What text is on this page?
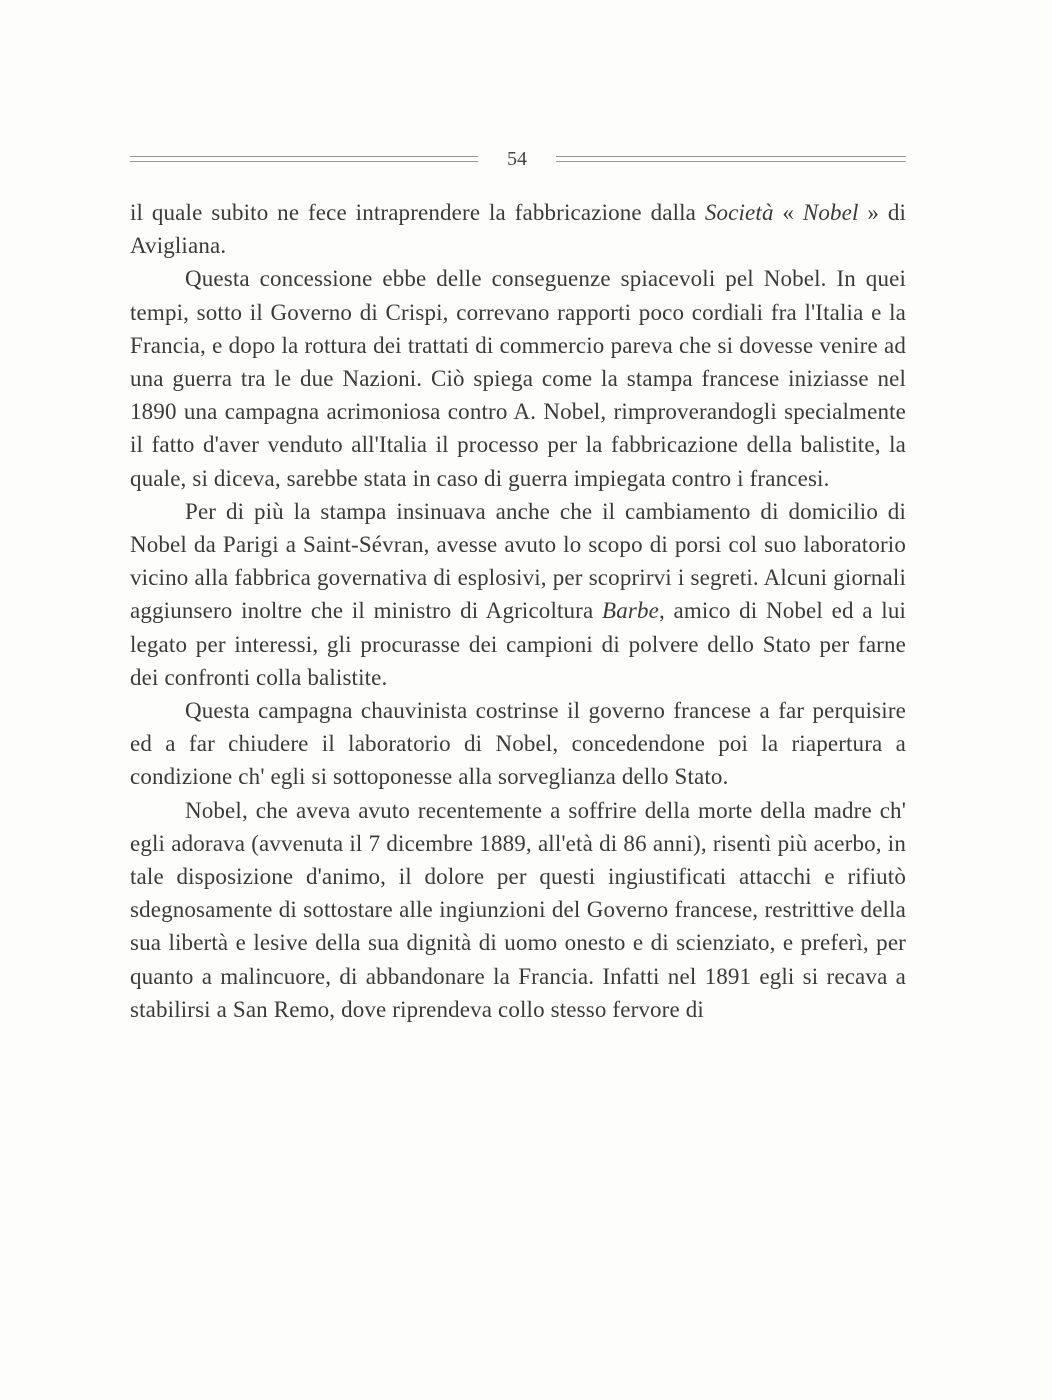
54

il quale subito ne fece intraprendere la fabbricazione dalla Società « Nobel » di Avigliana.

Questa concessione ebbe delle conseguenze spiacevoli pel Nobel. In quei tempi, sotto il Governo di Crispi, correvano rapporti poco cordiali fra l'Italia e la Francia, e dopo la rottura dei trattati di commercio pareva che si dovesse venire ad una guerra tra le due Nazioni. Ciò spiega come la stampa francese iniziasse nel 1890 una campagna acrimoniosa contro A. Nobel, rimproverandogli specialmente il fatto d'aver venduto all'Italia il processo per la fabbricazione della balistite, la quale, si diceva, sarebbe stata in caso di guerra impiegata contro i francesi.

Per di più la stampa insinuava anche che il cambiamento di domicilio di Nobel da Parigi a Saint-Sévran, avesse avuto lo scopo di porsi col suo laboratorio vicino alla fabbrica governativa di esplosivi, per scoprirvi i segreti. Alcuni giornali aggiunsero inoltre che il ministro di Agricoltura Barbe, amico di Nobel ed a lui legato per interessi, gli procurasse dei campioni di polvere dello Stato per farne dei confronti colla balistite.

Questa campagna chauvinista costrinse il governo francese a far perquisire ed a far chiudere il laboratorio di Nobel, concedendone poi la riapertura a condizione ch' egli si sottoponesse alla sorveglianza dello Stato.

Nobel, che aveva avuto recentemente a soffrire della morte della madre ch' egli adorava (avvenuta il 7 dicembre 1889, all'età di 86 anni), risentì più acerbo, in tale disposizione d'animo, il dolore per questi ingiustificati attacchi e rifiutò sdegnosamente di sottostare alle ingiunzioni del Governo francese, restrittive della sua libertà e lesive della sua dignità di uomo onesto e di scienziato, e preferì, per quanto a malincuore, di abbandonare la Francia. Infatti nel 1891 egli si recava a stabilirsi a San Remo, dove riprendeva collo stesso fervore di
